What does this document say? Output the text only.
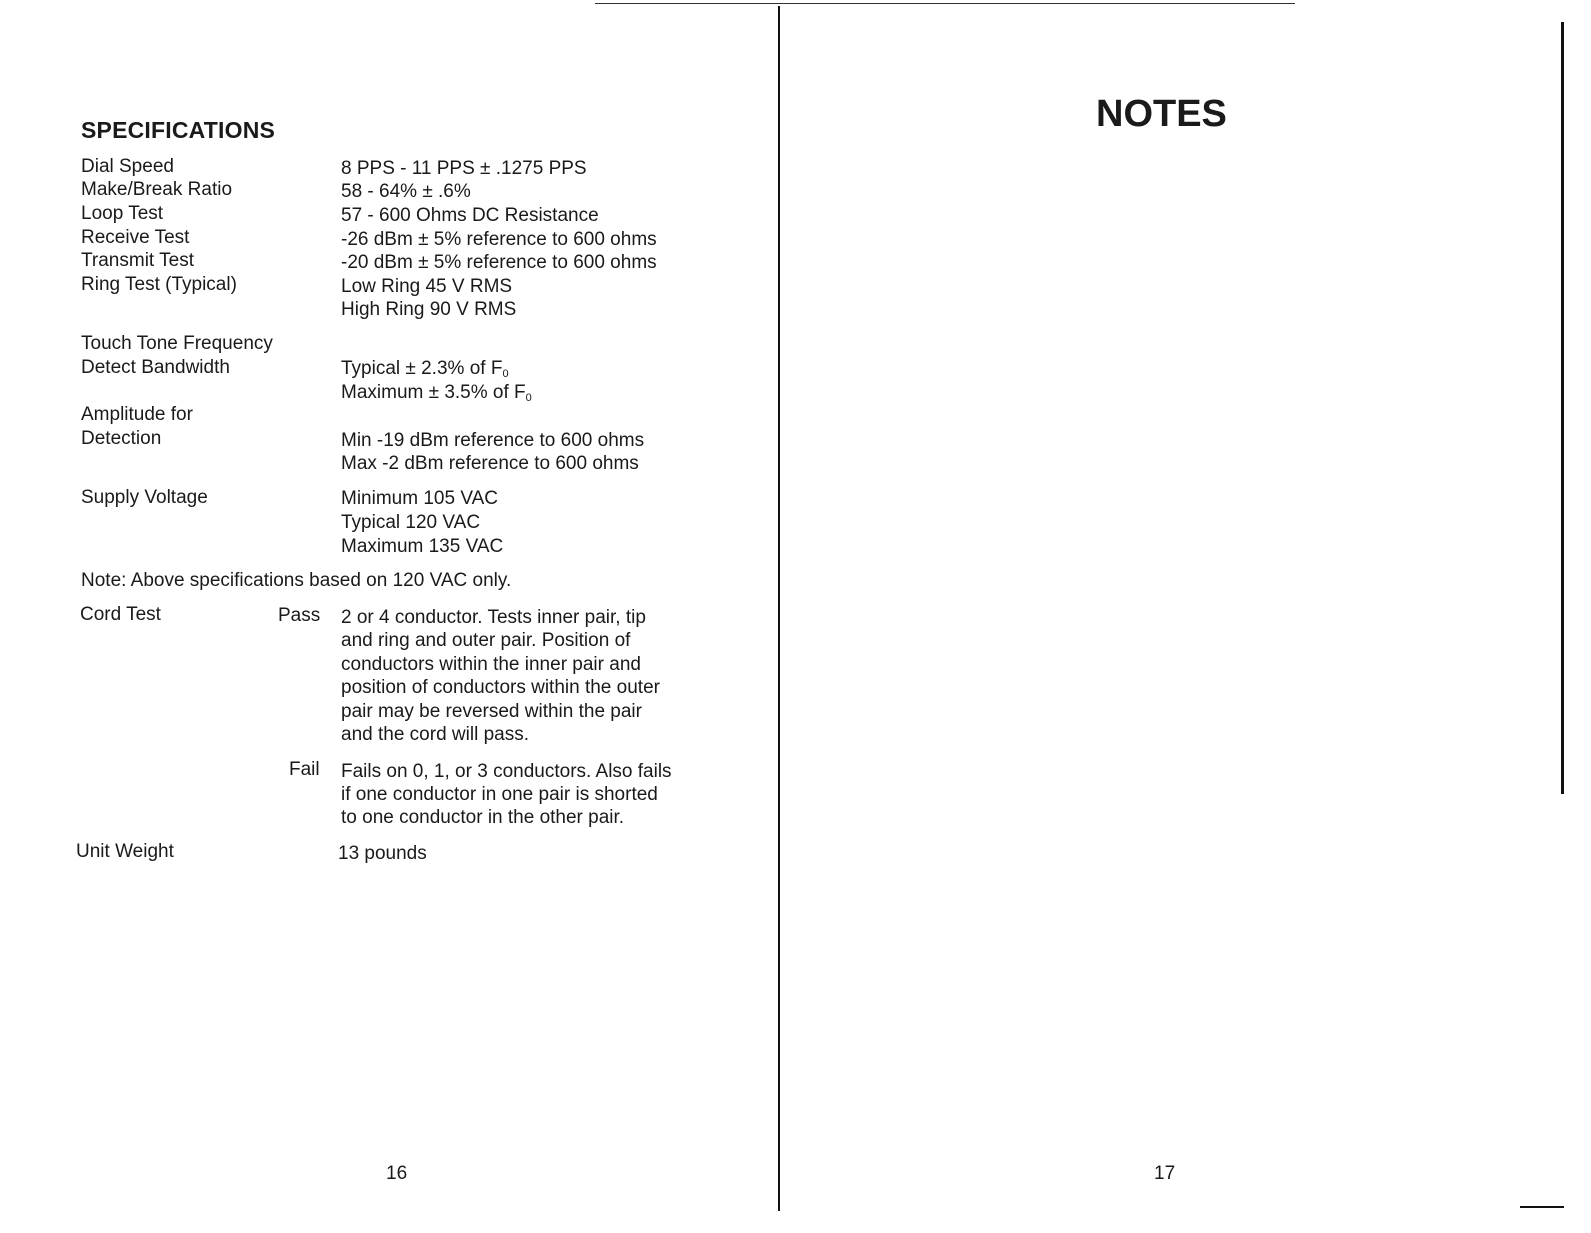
SPECIFICATIONS
Dial Speed	8 PPS - 11 PPS ± .1275 PPS
Make/Break Ratio	58 - 64% ± .6%
Loop Test	57 - 600 Ohms DC Resistance
Receive Test	-26 dBm ± 5% reference to 600 ohms
Transmit Test	-20 dBm ± 5% reference to 600 ohms
Ring Test (Typical)	Low Ring 45 V RMS
High Ring 90 V RMS
Touch Tone Frequency
Detect Bandwidth	Typical ± 2.3% of $F_0$
Maximum ± 3.5% of $F_0$
Amplitude for
Detection	Min -19 dBm reference to 600 ohms
Max -2 dBm reference to 600 ohms
Supply Voltage	Minimum 105 VAC
Typical 120 VAC
Maximum 135 VAC
Note: Above specifications based on 120 VAC only.
Cord Test	Pass 2 or 4 conductor. Tests inner pair, tip
and ring and outer pair. Position of
conductors within the inner pair and
position of conductors within the outer
pair may be reversed within the pair
and the cord will pass.
Fail Fails on 0, 1, or 3 conductors. Also fails
if one conductor in one pair is shorted
to one conductor in the other pair.
Unit Weight	13 pounds
16
NOTES
17
